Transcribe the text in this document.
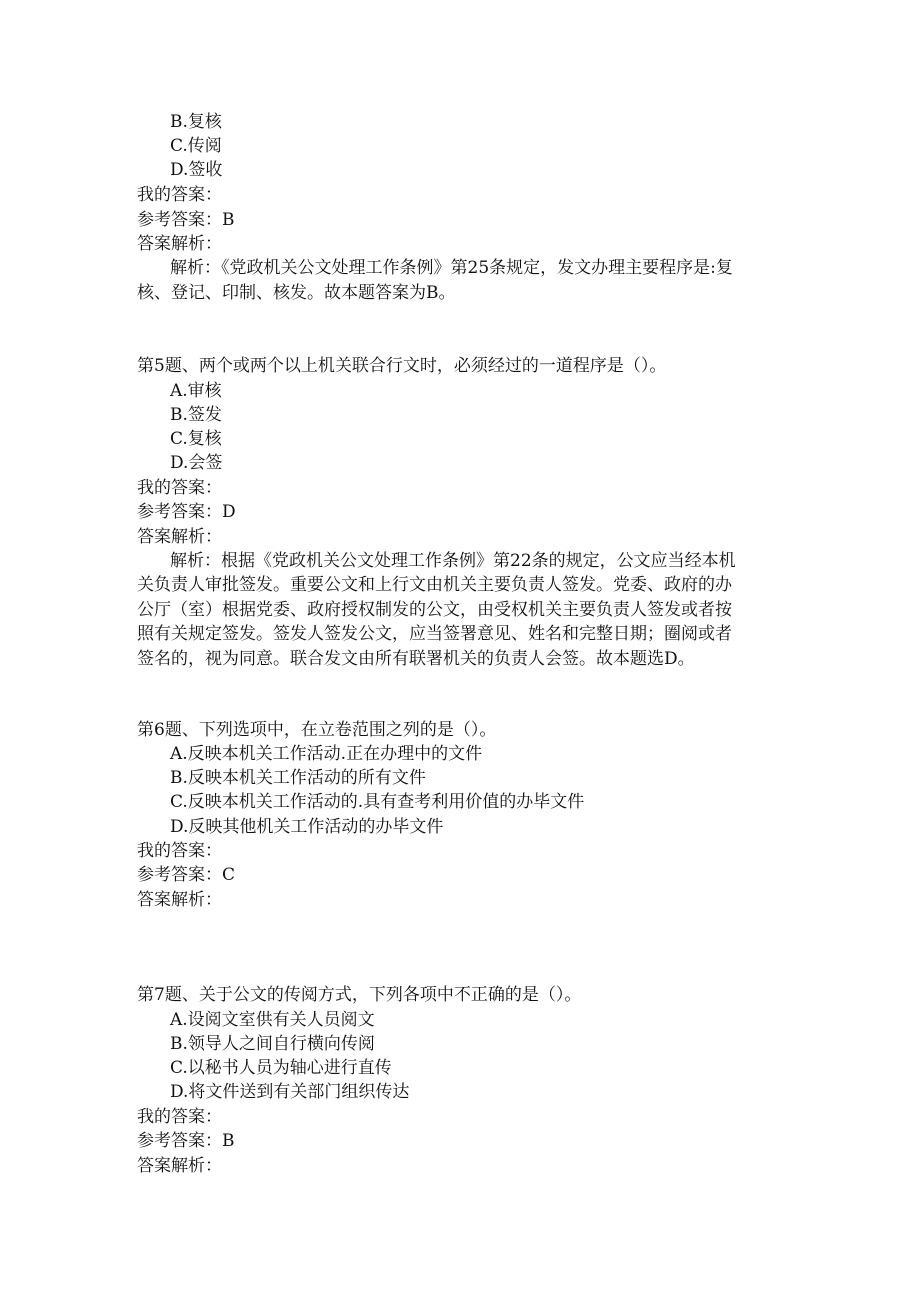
B.复核
C.传阅
D.签收
我的答案：
参考答案：B
答案解析：
解析：《党政机关公文处理工作条例》第25条规定，发文办理主要程序是:复
核、登记、印制、核发。故本题答案为B。
第5题、两个或两个以上机关联合行文时，必须经过的一道程序是（）。
A.审核
B.签发
C.复核
D.会签
我的答案：
参考答案：D
答案解析：
解析：根据《党政机关公文处理工作条例》第22条的规定，公文应当经本机
关负责人审批签发。重要公文和上行文由机关主要负责人签发。党委、政府的办
公厅（室）根据党委、政府授权制发的公文，由受权机关主要负责人签发或者按
照有关规定签发。签发人签发公文，应当签署意见、姓名和完整日期；圈阅或者
签名的，视为同意。联合发文由所有联署机关的负责人会签。故本题选D。
第6题、下列选项中，在立卷范围之列的是（）。
A.反映本机关工作活动.正在办理中的文件
B.反映本机关工作活动的所有文件
C.反映本机关工作活动的.具有查考利用价值的办毕文件
D.反映其他机关工作活动的办毕文件
我的答案：
参考答案：C
答案解析：
第7题、关于公文的传阅方式，下列各项中不正确的是（）。
A.设阅文室供有关人员阅文
B.领导人之间自行横向传阅
C.以秘书人员为轴心进行直传
D.将文件送到有关部门组织传达
我的答案：
参考答案：B
答案解析：
